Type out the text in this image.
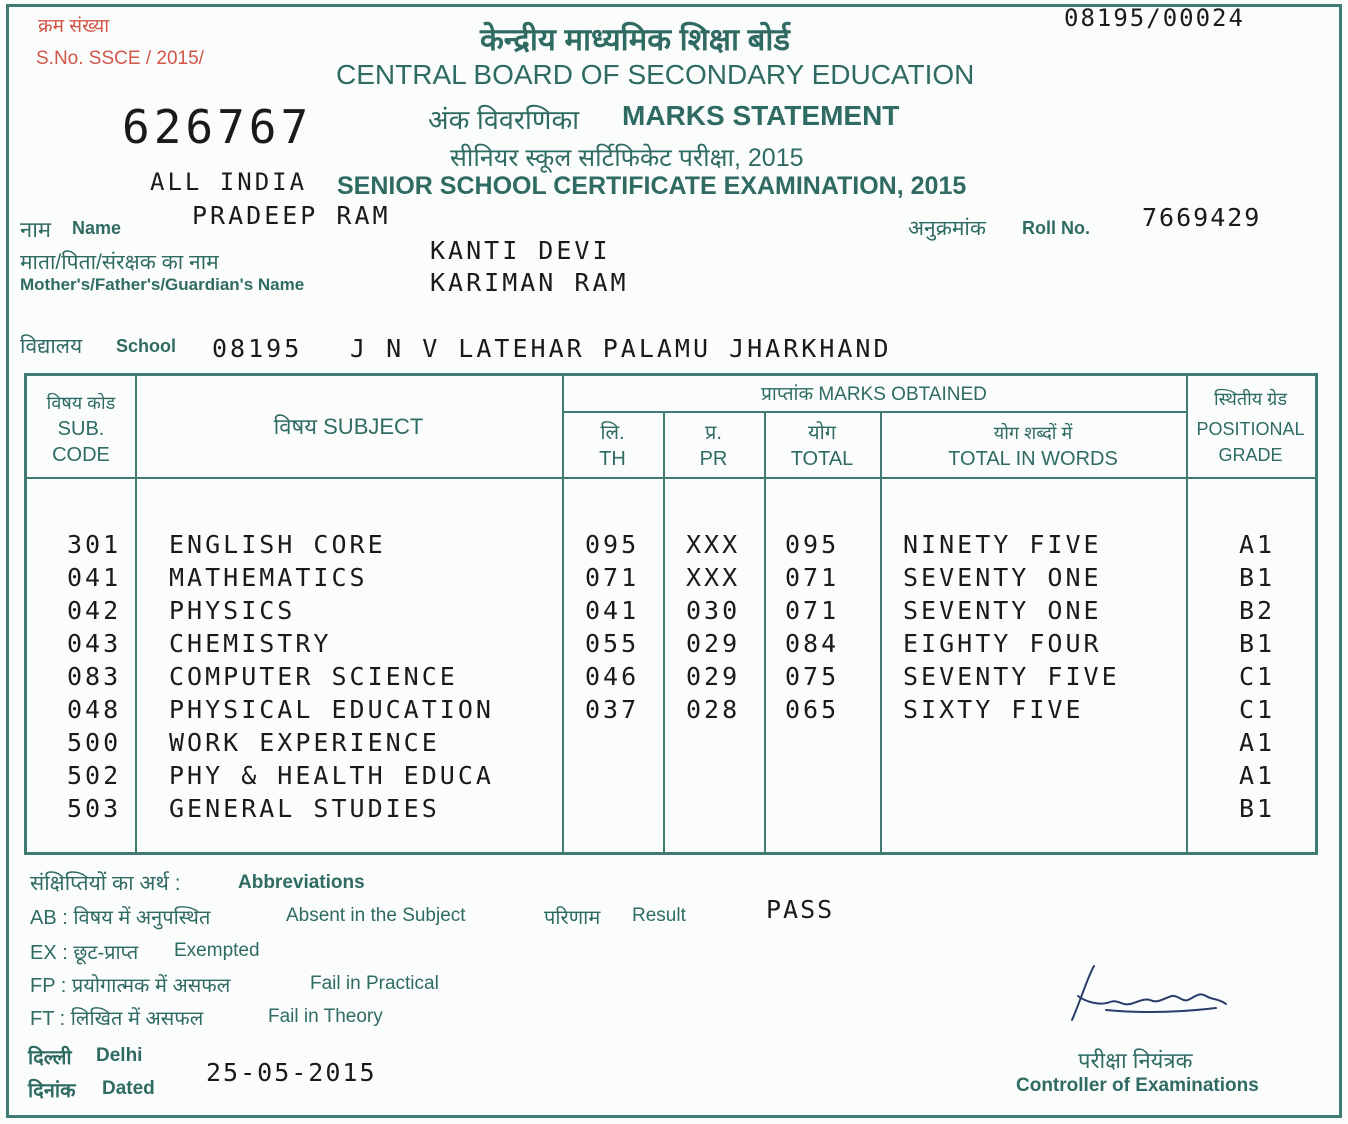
क्रम संख्या
S.No. SSCE / 2015/
08195/00024
626767
केन्द्रीय माध्यमिक शिक्षा बोर्ड
CENTRAL BOARD OF SECONDARY EDUCATION
अंक विवरणिका MARKS STATEMENT
सीनियर स्कूल सर्टिफिकेट परीक्षा, 2015
ALL INDIA SENIOR SCHOOL CERTIFICATE EXAMINATION, 2015
नाम Name	PRADEEP RAM	अनुक्रमांक Roll No. 7669429
माता/पिता/संरक्षक का नाम
Mother's/Father's/Guardian's Name
KANTI DEVI
KARIMAN RAM
विद्यालय School 08195 J N V LATEHAR PALAMU JHARKHAND
विषय कोड
SUB.
CODE
विषय SUBJECT
प्राप्तांक MARKS OBTAINED
लि.
TH
प्र.
PR
योग
TOTAL
योग शब्दों में
TOTAL IN WORDS
स्थितीय ग्रेड
POSITIONAL
GRADE
301 ENGLISH CORE	095 XXX 095	NINETY FIVE	A1
041 MATHEMATICS	071 XXX 071	SEVENTY ONE	B1
042 PHYSICS	041 030 071	SEVENTY ONE	B2
043 CHEMISTRY	055 029 084	EIGHTY FOUR	B1
083 COMPUTER SCIENCE	046 029 075	SEVENTY FIVE	C1
048 PHYSICAL EDUCATION	037 028 065	SIXTY FIVE	C1
500 WORK EXPERIENCE	A1
502 PHY & HEALTH EDUCA	A1
503 GENERAL STUDIES	B1
संक्षिप्तियों का अर्थ :	Abbreviations
AB : विषय में अनुपस्थित	Absent in the Subject
EX : छूट-प्राप्त Exempted
FP : प्रयोगात्मक में असफल	Fail in Practical
FT : लिखित में असफल	Fail in Theory
परिणाम Result	PASS
दिल्ली Delhi
दिनांक Dated
25-05-2015	परीक्षा नियंत्रक
Controller of Examinations
